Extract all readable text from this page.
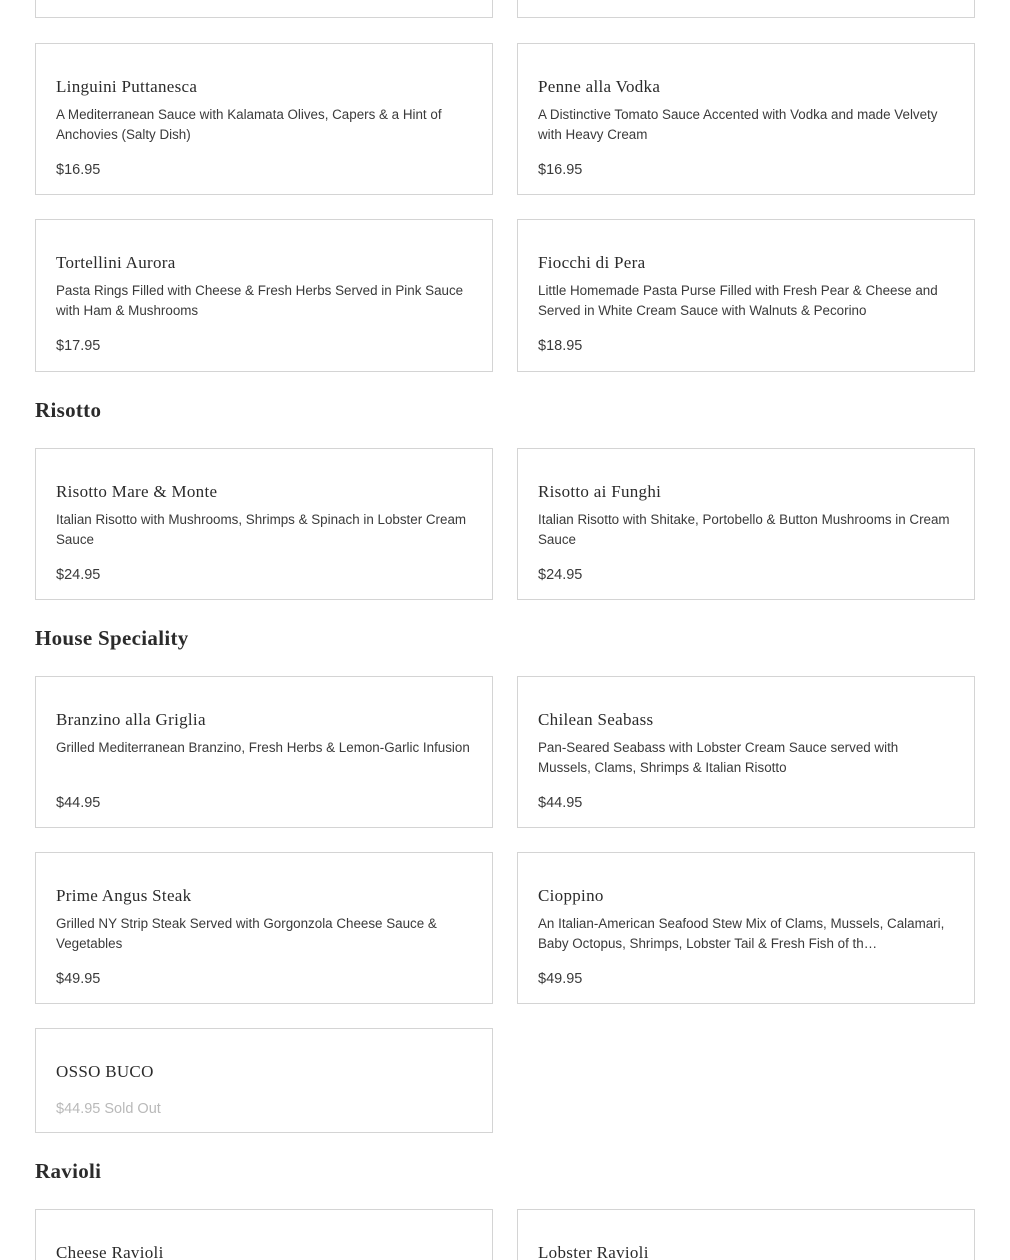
Linguini Puttanesca
A Mediterranean Sauce with Kalamata Olives, Capers & a Hint of Anchovies (Salty Dish)
$16.95
Penne alla Vodka
A Distinctive Tomato Sauce Accented with Vodka and made Velvety with Heavy Cream
$16.95
Tortellini Aurora
Pasta Rings Filled with Cheese & Fresh Herbs Served in Pink Sauce with Ham & Mushrooms
$17.95
Fiocchi di Pera
Little Homemade Pasta Purse Filled with Fresh Pear & Cheese and Served in White Cream Sauce with Walnuts & Pecorino
$18.95
Risotto
Risotto Mare & Monte
Italian Risotto with Mushrooms, Shrimps & Spinach in Lobster Cream Sauce
$24.95
Risotto ai Funghi
Italian Risotto with Shitake, Portobello & Button Mushrooms in Cream Sauce
$24.95
House Speciality
Branzino alla Griglia
Grilled Mediterranean Branzino, Fresh Herbs & Lemon-Garlic Infusion
$44.95
Chilean Seabass
Pan-Seared Seabass with Lobster Cream Sauce served with Mussels, Clams, Shrimps & Italian Risotto
$44.95
Prime Angus Steak
Grilled NY Strip Steak Served with Gorgonzola Cheese Sauce & Vegetables
$49.95
Cioppino
An Italian-American Seafood Stew Mix of Clams, Mussels, Calamari, Baby Octopus, Shrimps, Lobster Tail & Fresh Fish of th…
$49.95
OSSO BUCO
$44.95 Sold Out
Ravioli
Cheese Ravioli	Lobster Ravioli
